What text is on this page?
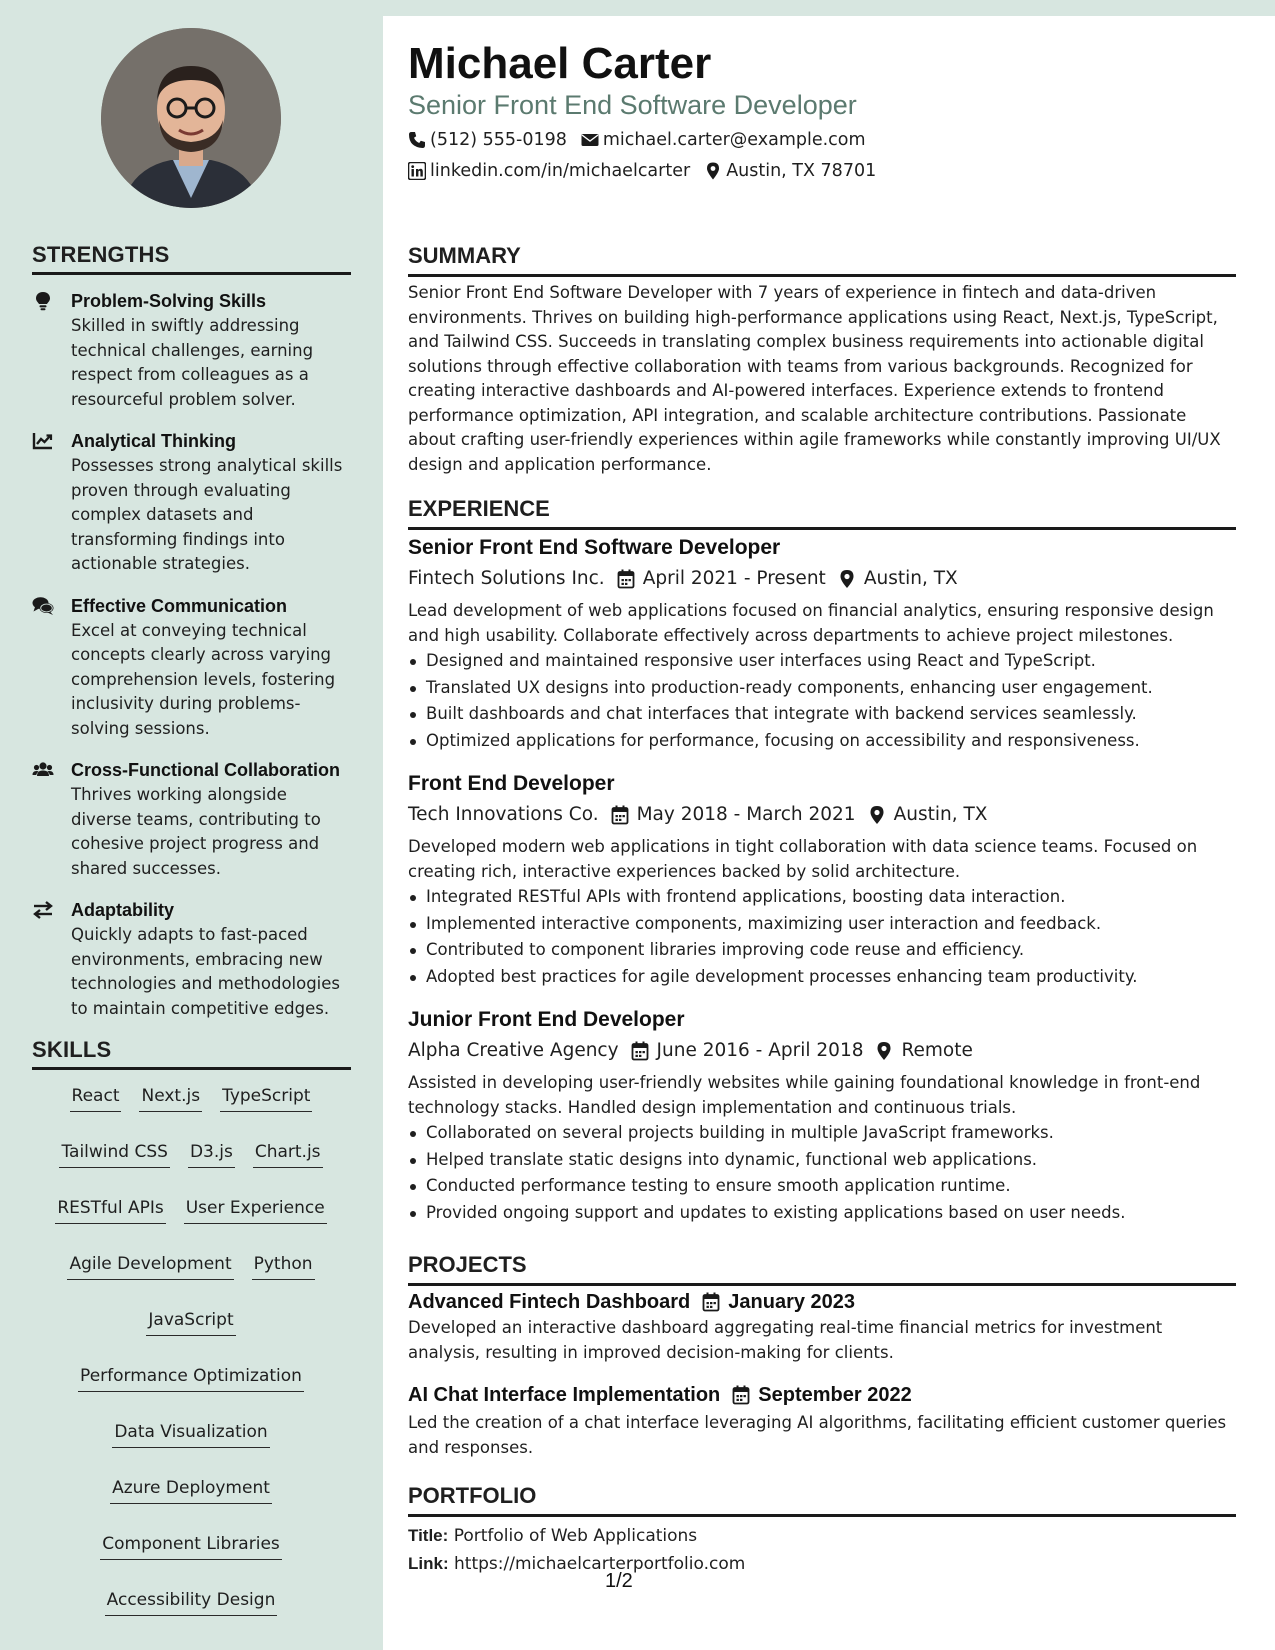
STRENGTHS
Problem-Solving Skills
Skilled in swiftly addressing technical challenges, earning respect from colleagues as a resourceful problem solver.
Analytical Thinking
Possesses strong analytical skills proven through evaluating complex datasets and transforming findings into actionable strategies.
Effective Communication
Excel at conveying technical concepts clearly across varying comprehension levels, fostering inclusivity during problems-solving sessions.
Cross-Functional Collaboration
Thrives working alongside diverse teams, contributing to cohesive project progress and shared successes.
Adaptability
Quickly adapts to fast-paced environments, embracing new technologies and methodologies to maintain competitive edges.
SKILLS
React Next.js TypeScript
Tailwind CSS D3.js Chart.js
RESTful APIs User Experience
Agile Development Python
JavaScript
Performance Optimization
Data Visualization
Azure Deployment
Component Libraries
Accessibility Design
Michael Carter
Senior Front End Software Developer
(512) 555-0198 michael.carter@example.com
linkedin.com/in/michaelcarter Austin, TX 78701
SUMMARY
Senior Front End Software Developer with 7 years of experience in fintech and data-driven environments. Thrives on building high-performance applications using React, Next.js, TypeScript, and Tailwind CSS. Succeeds in translating complex business requirements into actionable digital solutions through effective collaboration with teams from various backgrounds. Recognized for creating interactive dashboards and AI-powered interfaces. Experience extends to frontend performance optimization, API integration, and scalable architecture contributions. Passionate about crafting user-friendly experiences within agile frameworks while constantly improving UI/UX design and application performance.
EXPERIENCE
Senior Front End Software Developer
Fintech Solutions Inc. April 2021 - Present Austin, TX
Lead development of web applications focused on financial analytics, ensuring responsive design and high usability. Collaborate effectively across departments to achieve project milestones.
Designed and maintained responsive user interfaces using React and TypeScript.
Translated UX designs into production-ready components, enhancing user engagement.
Built dashboards and chat interfaces that integrate with backend services seamlessly.
Optimized applications for performance, focusing on accessibility and responsiveness.
Front End Developer
Tech Innovations Co. May 2018 - March 2021 Austin, TX
Developed modern web applications in tight collaboration with data science teams. Focused on creating rich, interactive experiences backed by solid architecture.
Integrated RESTful APIs with frontend applications, boosting data interaction.
Implemented interactive components, maximizing user interaction and feedback.
Contributed to component libraries improving code reuse and efficiency.
Adopted best practices for agile development processes enhancing team productivity.
Junior Front End Developer
Alpha Creative Agency June 2016 - April 2018 Remote
Assisted in developing user-friendly websites while gaining foundational knowledge in front-end technology stacks. Handled design implementation and continuous trials.
Collaborated on several projects building in multiple JavaScript frameworks.
Helped translate static designs into dynamic, functional web applications.
Conducted performance testing to ensure smooth application runtime.
Provided ongoing support and updates to existing applications based on user needs.
PROJECTS
Advanced Fintech Dashboard January 2023
Developed an interactive dashboard aggregating real-time financial metrics for investment analysis, resulting in improved decision-making for clients.
AI Chat Interface Implementation September 2022
Led the creation of a chat interface leveraging AI algorithms, facilitating efficient customer queries and responses.
PORTFOLIO
Title: Portfolio of Web Applications
Link: https://michaelcarterportfolio.com
1/2
